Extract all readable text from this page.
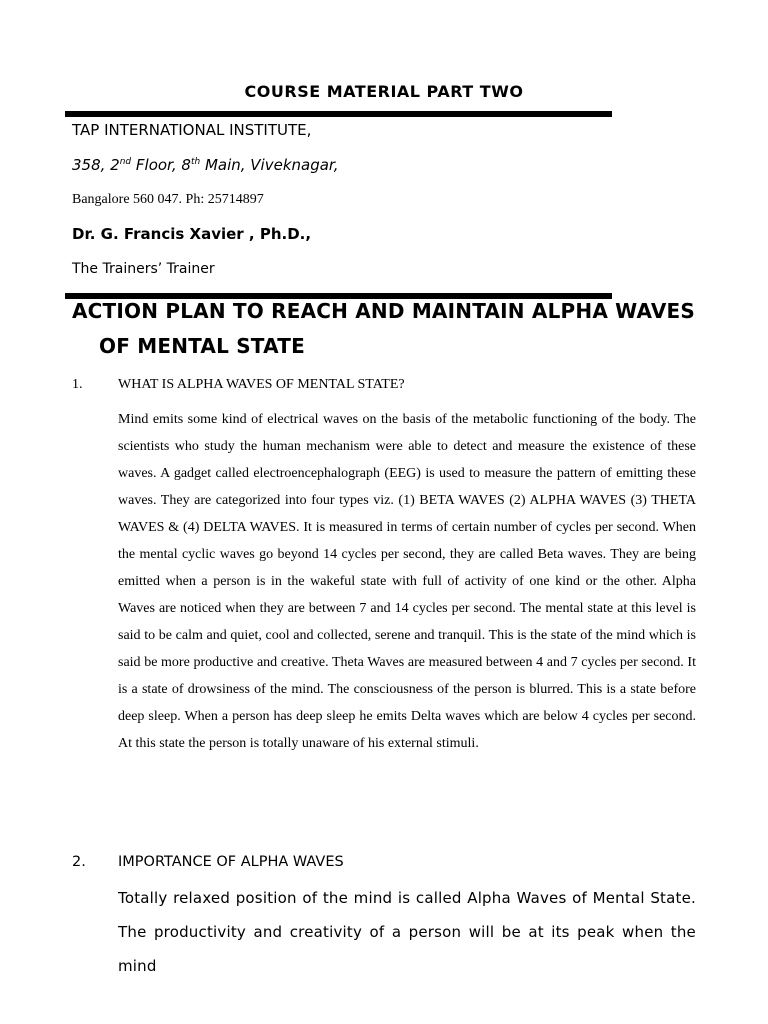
COURSE MATERIAL PART TWO
TAP INTERNATIONAL INSTITUTE,
358, 2nd Floor, 8th Main, Viveknagar,
Bangalore 560 047. Ph: 25714897
Dr. G. Francis Xavier , Ph.D.,
The Trainers’ Trainer
ACTION PLAN TO REACH AND MAINTAIN ALPHA WAVES
OF MENTAL STATE
1.	WHAT IS ALPHA WAVES OF MENTAL STATE?
Mind emits some kind of electrical waves on the basis of the metabolic functioning of the body. The scientists who study the human mechanism were able to detect and measure the existence of these waves. A gadget called electroencephalograph (EEG) is used to measure the pattern of emitting these waves. They are categorized into four types viz. (1) BETA WAVES (2) ALPHA WAVES (3) THETA WAVES & (4) DELTA WAVES. It is measured in terms of certain number of cycles per second. When the mental cyclic waves go beyond 14 cycles per second, they are called Beta waves. They are being emitted when a person is in the wakeful state with full of activity of one kind or the other. Alpha Waves are noticed when they are between 7 and 14 cycles per second. The mental state at this level is said to be calm and quiet, cool and collected, serene and tranquil. This is the state of the mind which is said be more productive and creative. Theta Waves are measured between 4 and 7 cycles per second. It is a state of drowsiness of the mind. The consciousness of the person is blurred. This is a state before deep sleep. When a person has deep sleep he emits Delta waves which are below 4 cycles per second. At this state the person is totally unaware of his external stimuli.
2. IMPORTANCE OF ALPHA WAVES
Totally relaxed position of the mind is called Alpha Waves of Mental State. The productivity and creativity of a person will be at its peak when the mind
